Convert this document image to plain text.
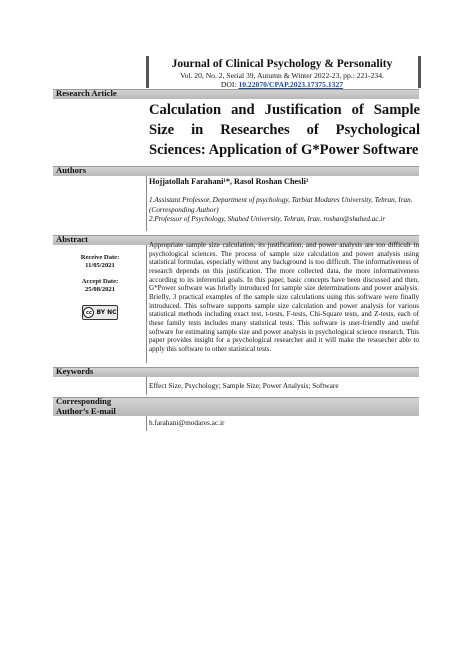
Journal of Clinical Psychology & Personality
Vol. 20, No. 2, Serial 39, Autumn & Winter 2022-23, pp.: 221-234.
DOI: 10.22070/CPAP.2023.17375.1327
Research Article
Calculation and Justification of Sample Size in Researches of Psychological Sciences: Application of G*Power Software
Authors
Hojjatollah Farahani¹*, Rasol Roshan Chesli²
1.Assistant Professor, Department of psychology, Tarbiat Modares University, Tehran, Iran. (Corresponding Author)
2.Professor of Psychology, Shahed University, Tehran, Iran. roshan@shahed.ac.ir
Abstract
Receive Date:
11/05/2021
Accept Date:
25/08/2021
cc BY NC
Appropriate sample size calculation, its justification, and power analysis are too difficult in psychological sciences. The process of sample size calculation and power analysis using statistical formulas, especially without any background is too difficult. The informativeness of research depends on this justification. The more collected data, the more informativeness according to its inferential goals. In this paper, basic concepts have been discussed and then, G*Power software was briefly introduced for sample size determinations and power analysis. Briefly, 3 practical examples of the sample size calculations using this software were finally introduced. This software supports sample size calculation and power analysis for various statistical methods including exact test, t-tests, F-tests, Chi-Square tests, and Z-tests, each of these family tests includes many statistical tests. This software is user-friendly and useful software for estimating sample size and power analysis in psychological science research. This paper provides insight for a psychological researcher and it will make the researcher able to apply this software to other statistical tests.
Keywords
Effect Size, Psychology; Sample Size; Power Analysis; Software
Corresponding
Author’s E-mail
h.farahani@modares.ac.ir
